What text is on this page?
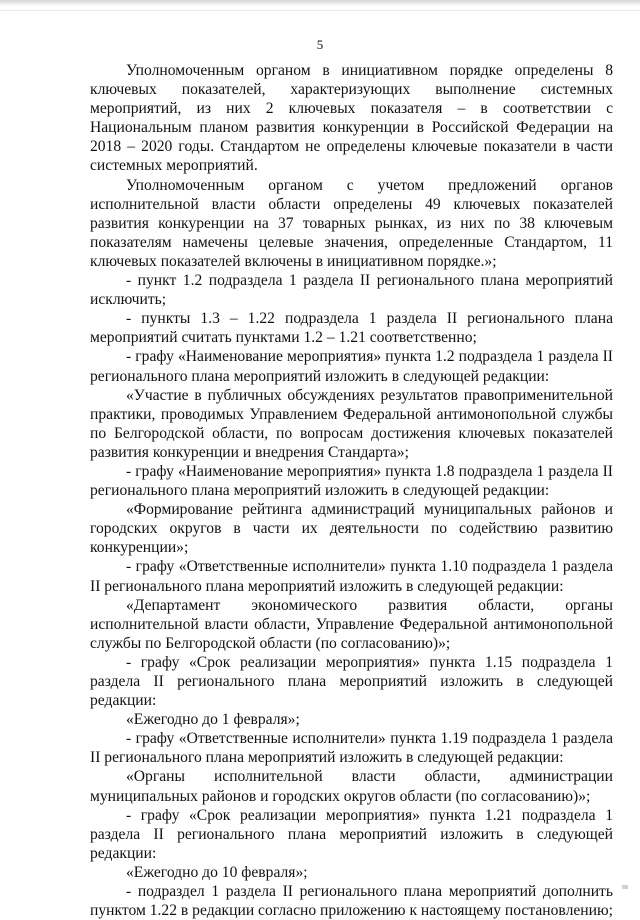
5

Уполномоченным органом в инициативном порядке определены 8 ключевых показателей, характеризующих выполнение системных мероприятий, из них 2 ключевых показателя – в соответствии с Национальным планом развития конкуренции в Российской Федерации на 2018 – 2020 годы. Стандартом не определены ключевые показатели в части системных мероприятий.

Уполномоченным органом с учетом предложений органов исполнительной власти области определены 49 ключевых показателей развития конкуренции на 37 товарных рынках, из них по 38 ключевым показателям намечены целевые значения, определенные Стандартом, 11 ключевых показателей включены в инициативном порядке.»;

- пункт 1.2 подраздела 1 раздела II регионального плана мероприятий исключить;

- пункты 1.3 – 1.22 подраздела 1 раздела II регионального плана мероприятий считать пунктами 1.2 – 1.21 соответственно;

- графу «Наименование мероприятия» пункта 1.2 подраздела 1 раздела II регионального плана мероприятий изложить в следующей редакции:

«Участие в публичных обсуждениях результатов правоприменительной практики, проводимых Управлением Федеральной антимонопольной службы по Белгородской области, по вопросам достижения ключевых показателей развития конкуренции и внедрения Стандарта»;

- графу «Наименование мероприятия» пункта 1.8 подраздела 1 раздела II регионального плана мероприятий изложить в следующей редакции:

«Формирование рейтинга администраций муниципальных районов и городских округов в части их деятельности по содействию развитию конкуренции»;

- графу «Ответственные исполнители» пункта 1.10 подраздела 1 раздела II регионального плана мероприятий изложить в следующей редакции:

«Департамент экономического развития области, органы исполнительной власти области, Управление Федеральной антимонопольной службы по Белгородской области (по согласованию)»;

- графу «Срок реализации мероприятия» пункта 1.15 подраздела 1 раздела II регионального плана мероприятий изложить в следующей редакции:

«Ежегодно до 1 февраля»;

- графу «Ответственные исполнители» пункта 1.19 подраздела 1 раздела II регионального плана мероприятий изложить в следующей редакции:

«Органы исполнительной власти области, администрации муниципальных районов и городских округов области (по согласованию)»;

- графу «Срок реализации мероприятия» пункта 1.21 подраздела 1 раздела II регионального плана мероприятий изложить в следующей редакции:

«Ежегодно до 10 февраля»;

- подраздел 1 раздела II регионального плана мероприятий дополнить пунктом 1.22 в редакции согласно приложению к настоящему постановлению;
